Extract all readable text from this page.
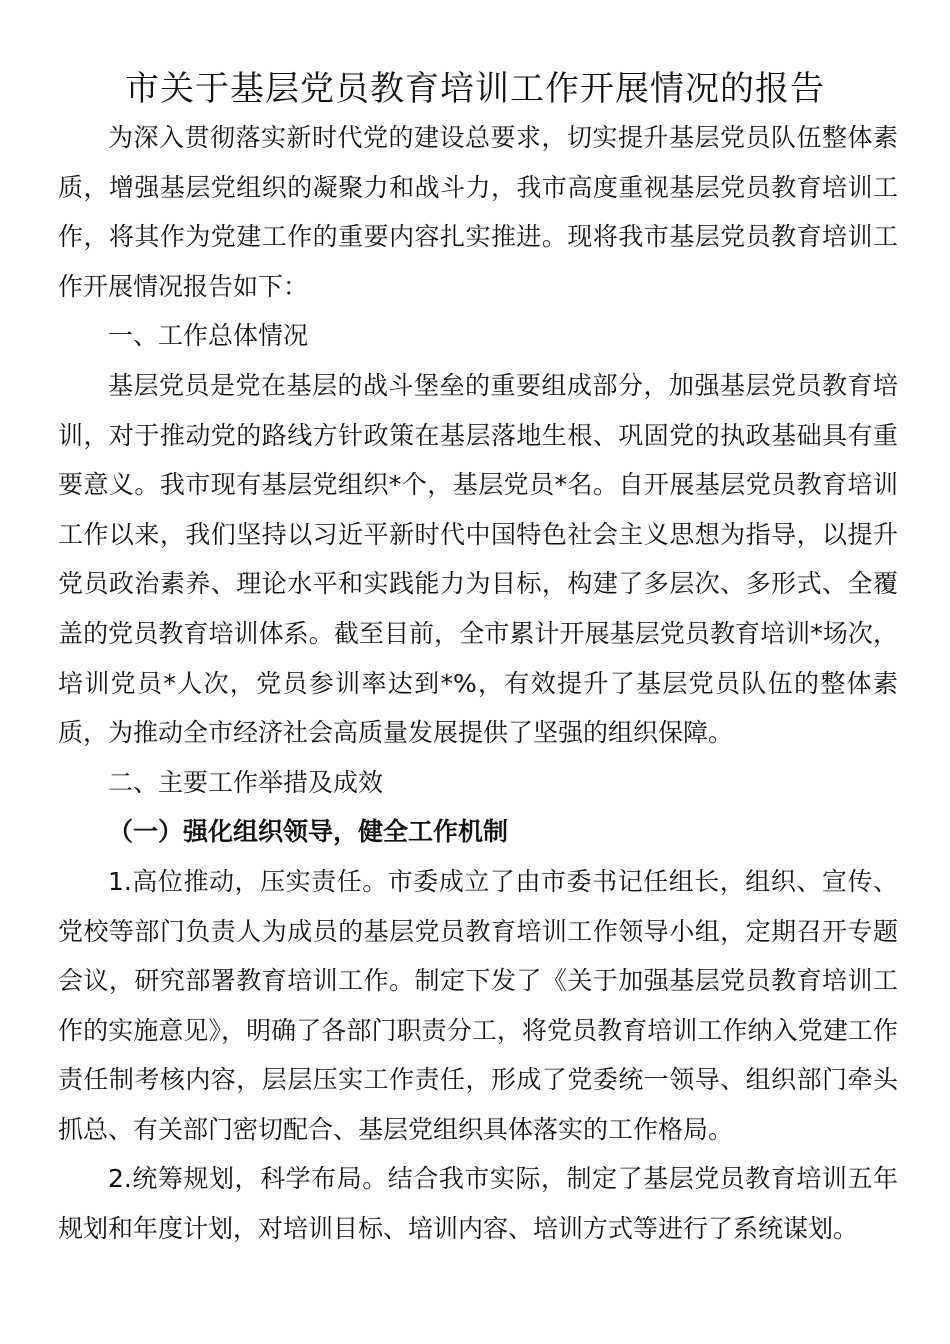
市关于基层党员教育培训工作开展情况的报告

为深入贯彻落实新时代党的建设总要求，切实提升基层党员队伍整体素质，增强基层党组织的凝聚力和战斗力，我市高度重视基层党员教育培训工作，将其作为党建工作的重要内容扎实推进。现将我市基层党员教育培训工作开展情况报告如下：

一、工作总体情况

基层党员是党在基层的战斗堡垒的重要组成部分，加强基层党员教育培训，对于推动党的路线方针政策在基层落地生根、巩固党的执政基础具有重要意义。我市现有基层党组织*个，基层党员*名。自开展基层党员教育培训工作以来，我们坚持以习近平新时代中国特色社会主义思想为指导，以提升党员政治素养、理论水平和实践能力为目标，构建了多层次、多形式、全覆盖的党员教育培训体系。截至目前，全市累计开展基层党员教育培训*场次，培训党员*人次，党员参训率达到*%，有效提升了基层党员队伍的整体素质，为推动全市经济社会高质量发展提供了坚强的组织保障。

二、主要工作举措及成效

（一）强化组织领导，健全工作机制

1.高位推动，压实责任。市委成立了由市委书记任组长，组织、宣传、党校等部门负责人为成员的基层党员教育培训工作领导小组，定期召开专题会议，研究部署教育培训工作。制定下发了《关于加强基层党员教育培训工作的实施意见》，明确了各部门职责分工，将党员教育培训工作纳入党建工作责任制考核内容，层层压实工作责任，形成了党委统一领导、组织部门牵头抓总、有关部门密切配合、基层党组织具体落实的工作格局。

2.统筹规划，科学布局。结合我市实际，制定了基层党员教育培训五年规划和年度计划，对培训目标、培训内容、培训方式等进行了系统谋划。
